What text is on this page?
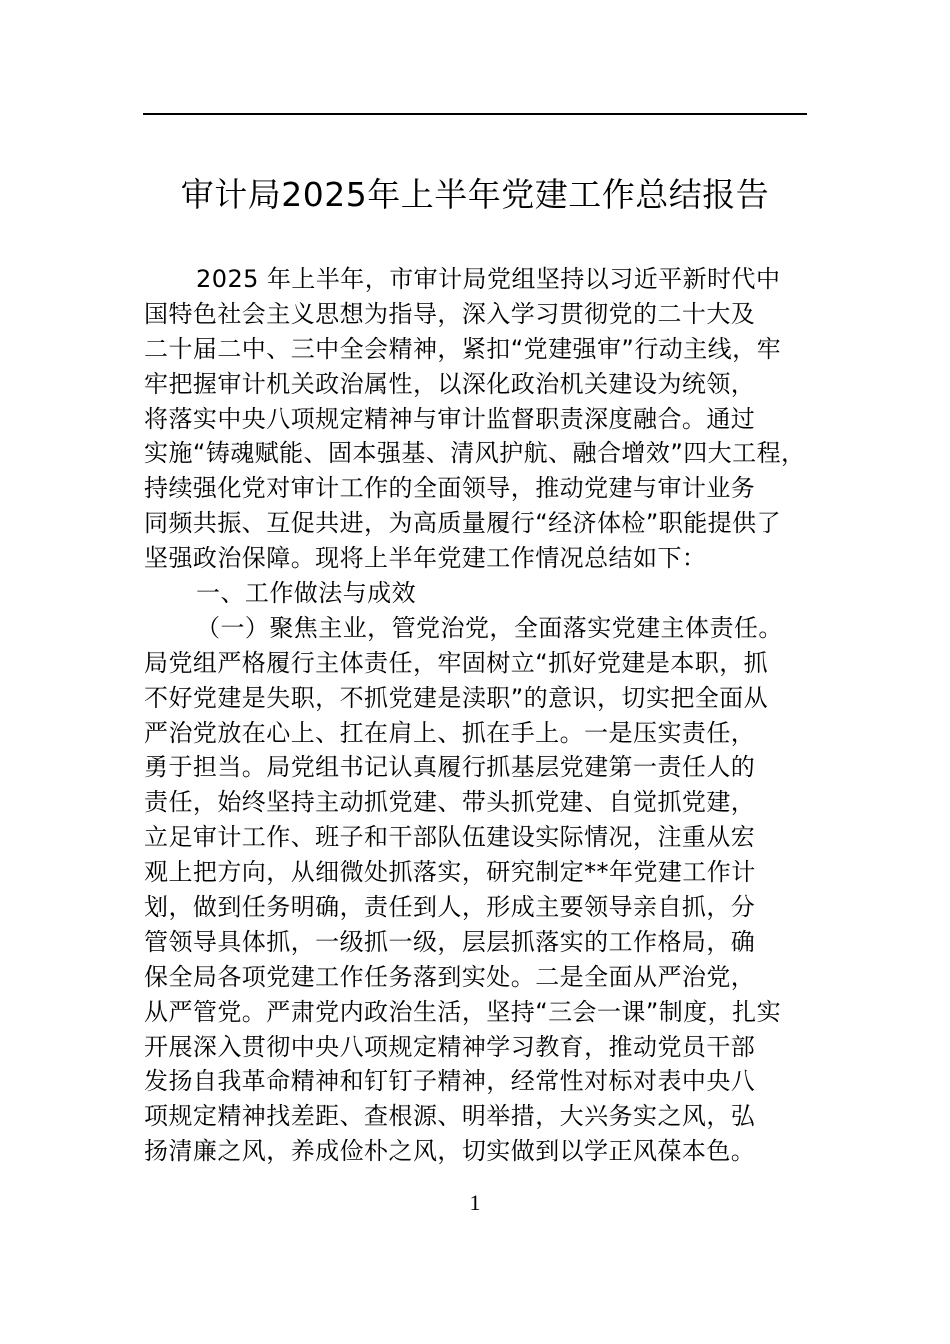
审计局2025年上半年党建工作总结报告
2025 年上半年，市审计局党组坚持以习近平新时代中
国特色社会主义思想为指导，深入学习贯彻党的二十大及
二十届二中、三中全会精神，紧扣“党建强审”行动主线，牢
牢把握审计机关政治属性，以深化政治机关建设为统领，
将落实中央八项规定精神与审计监督职责深度融合。通过
实施“铸魂赋能、固本强基、清风护航、融合增效”四大工程，
持续强化党对审计工作的全面领导，推动党建与审计业务
同频共振、互促共进，为高质量履行“经济体检”职能提供了
坚强政治保障。现将上半年党建工作情况总结如下：
一、工作做法与成效
（一）聚焦主业，管党治党，全面落实党建主体责任。
局党组严格履行主体责任，牢固树立“抓好党建是本职，抓
不好党建是失职，不抓党建是渎职”的意识，切实把全面从
严治党放在心上、扛在肩上、抓在手上。一是压实责任，
勇于担当。局党组书记认真履行抓基层党建第一责任人的
责任，始终坚持主动抓党建、带头抓党建、自觉抓党建，
立足审计工作、班子和干部队伍建设实际情况，注重从宏
观上把方向，从细微处抓落实，研究制定**年党建工作计
划，做到任务明确，责任到人，形成主要领导亲自抓，分
管领导具体抓，一级抓一级，层层抓落实的工作格局，确
保全局各项党建工作任务落到实处。二是全面从严治党，
从严管党。严肃党内政治生活，坚持“三会一课”制度，扎实
开展深入贯彻中央八项规定精神学习教育，推动党员干部
发扬自我革命精神和钉钉子精神，经常性对标对表中央八
项规定精神找差距、查根源、明举措，大兴务实之风，弘
扬清廉之风，养成俭朴之风，切实做到以学正风葆本色。
1
